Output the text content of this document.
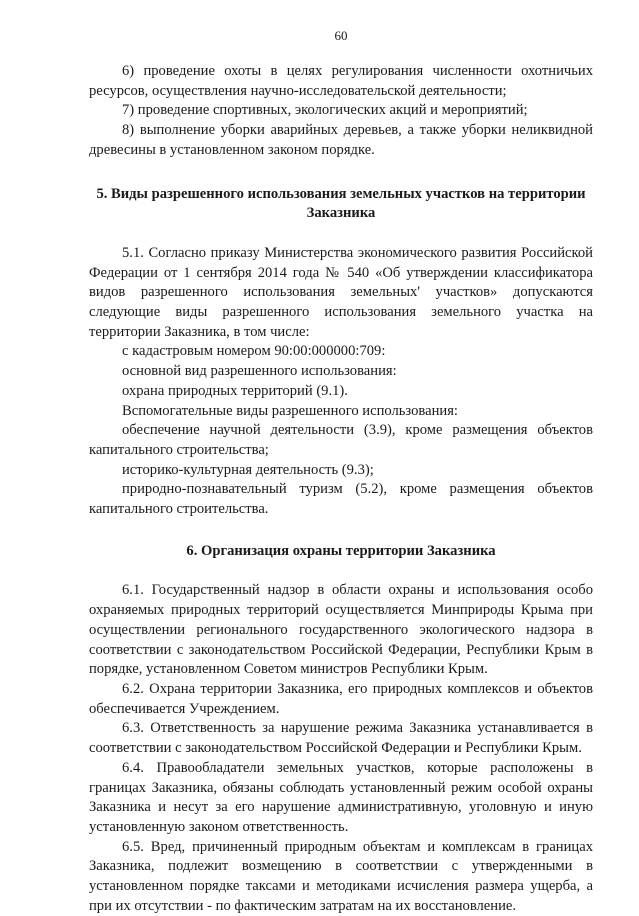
60

6) проведение охоты в целях регулирования численности охотничьих ресурсов, осуществления научно-исследовательской деятельности;

7) проведение спортивных, экологических акций и мероприятий;

8) выполнение уборки аварийных деревьев, а также уборки неликвидной древесины в установленном законом порядке.

5. Виды разрешенного использования земельных участков на территории Заказника

5.1. Согласно приказу Министерства экономического развития Российской Федерации от 1 сентября 2014 года № 540 «Об утверждении классификатора видов разрешенного использования земельных' участков» допускаются следующие виды разрешенного использования земельного участка на территории Заказника, в том числе:

с кадастровым номером 90:00:000000:709:

основной вид разрешенного использования:

охрана природных территорий (9.1).

Вспомогательные виды разрешенного использования:

обеспечение научной деятельности (3.9), кроме размещения объектов капитального строительства;

историко-культурная деятельность (9.3);

природно-познавательный туризм (5.2), кроме размещения объектов капитального строительства.

6. Организация охраны территории Заказника

6.1. Государственный надзор в области охраны и использования особо охраняемых природных территорий осуществляется Минприроды Крыма при осуществлении регионального государственного экологического надзора в соответствии с законодательством Российской Федерации, Республики Крым в порядке, установленном Советом министров Республики Крым.

6.2. Охрана территории Заказника, его природных комплексов и объектов обеспечивается Учреждением.

6.3. Ответственность за нарушение режима Заказника устанавливается в соответствии с законодательством Российской Федерации и Республики Крым.

6.4. Правообладатели земельных участков, которые расположены в границах Заказника, обязаны соблюдать установленный режим особой охраны Заказника и несут за его нарушение административную, уголовную и иную установленную законом ответственность.

6.5. Вред, причиненный природным объектам и комплексам в границах Заказника, подлежит возмещению в соответствии с утвержденными в установленном порядке таксами и методиками исчисления размера ущерба, а при их отсутствии - по фактическим затратам на их восстановление.
